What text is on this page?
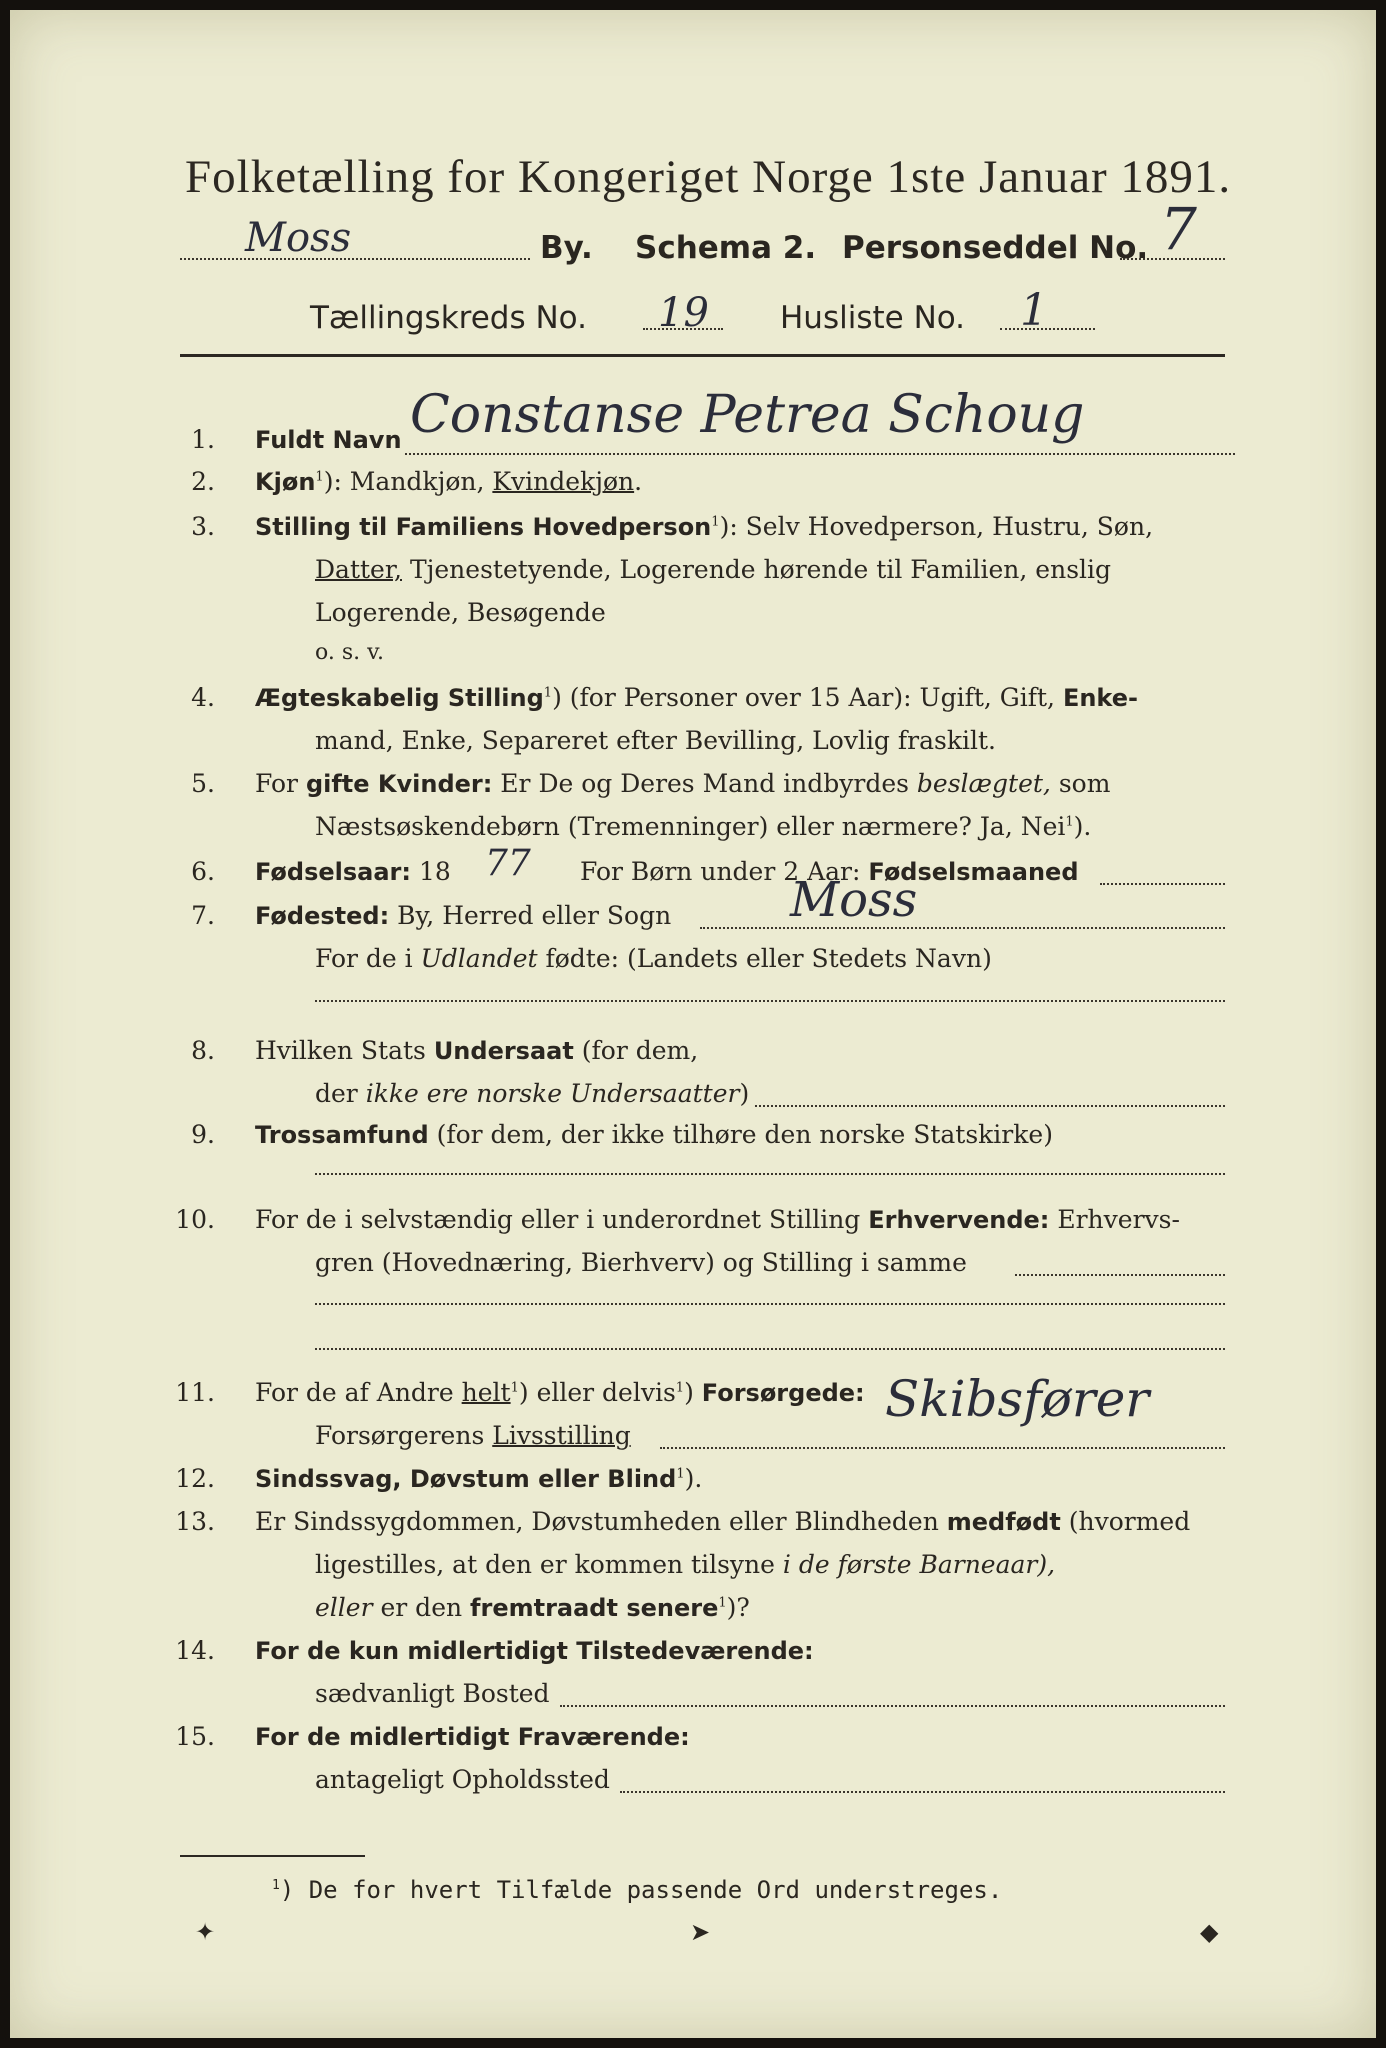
Folketælling for Kongeriget Norge 1ste Januar 1891.
Moss	By. Schema 2. Personseddel No. 7
Tællingskreds No. 19 Husliste No. 1
1. Fuldt Navn Constanse Petrea Schoug
2. Kjøn$^1$): Mandkjøn, Kvindekjøn.
3. Stilling til Familiens Hovedperson$^1$): Selv Hovedperson, Hustru, Søn,
Datter, Tjenestetyende, Logerende hørende til Familien, enslig
Logerende, Besøgende
o. s. v.
4. Ægteskabelig Stilling$^1$) (for Personer over 15 Aar): Ugift, Gift, Enke-
mand, Enke, Separeret efter Bevilling, Lovlig fraskilt.
5. For gifte Kvinder: Er De og Deres Mand indbyrdes beslægtet, som
Næstsøskendebørn (Tremenninger) eller nærmere? Ja, Nei$^1$).
6. Fødselsaar: 18 77 For Børn under 2 Aar: Fødselsmaaned
7. Fødested: By, Herred eller Sogn Moss
For de i Udlandet fødte: (Landets eller Stedets Navn)
8. Hvilken Stats Undersaat (for dem,
der ikke ere norske Undersaatter)
9. Trossamfund (for dem, der ikke tilhøre den norske Statskirke)
10. For de i selvstændig eller i underordnet Stilling Erhvervende: Erhvervs-
gren (Hovednæring, Bierhverv) og Stilling i samme
11. For de af Andre helt$^1$) eller delvis$^1$) Forsørgede:
Forsørgerens Livsstilling
Skibsfører
12. Sindssvag, Døvstum eller Blind$^1$).
13. Er Sindssygdommen, Døvstumheden eller Blindheden medfødt (hvormed
ligestilles, at den er kommen tilsyne i de første Barneaar),
eller er den fremtraadt senere$^1$)?
14. For de kun midlertidigt Tilstedeværende:
sædvanligt Bosted
15. For de midlertidigt Fraværende:
antageligt Opholdssted
$^1$) De for hvert Tilfælde passende Ord understreges.
✦	➤	◆
